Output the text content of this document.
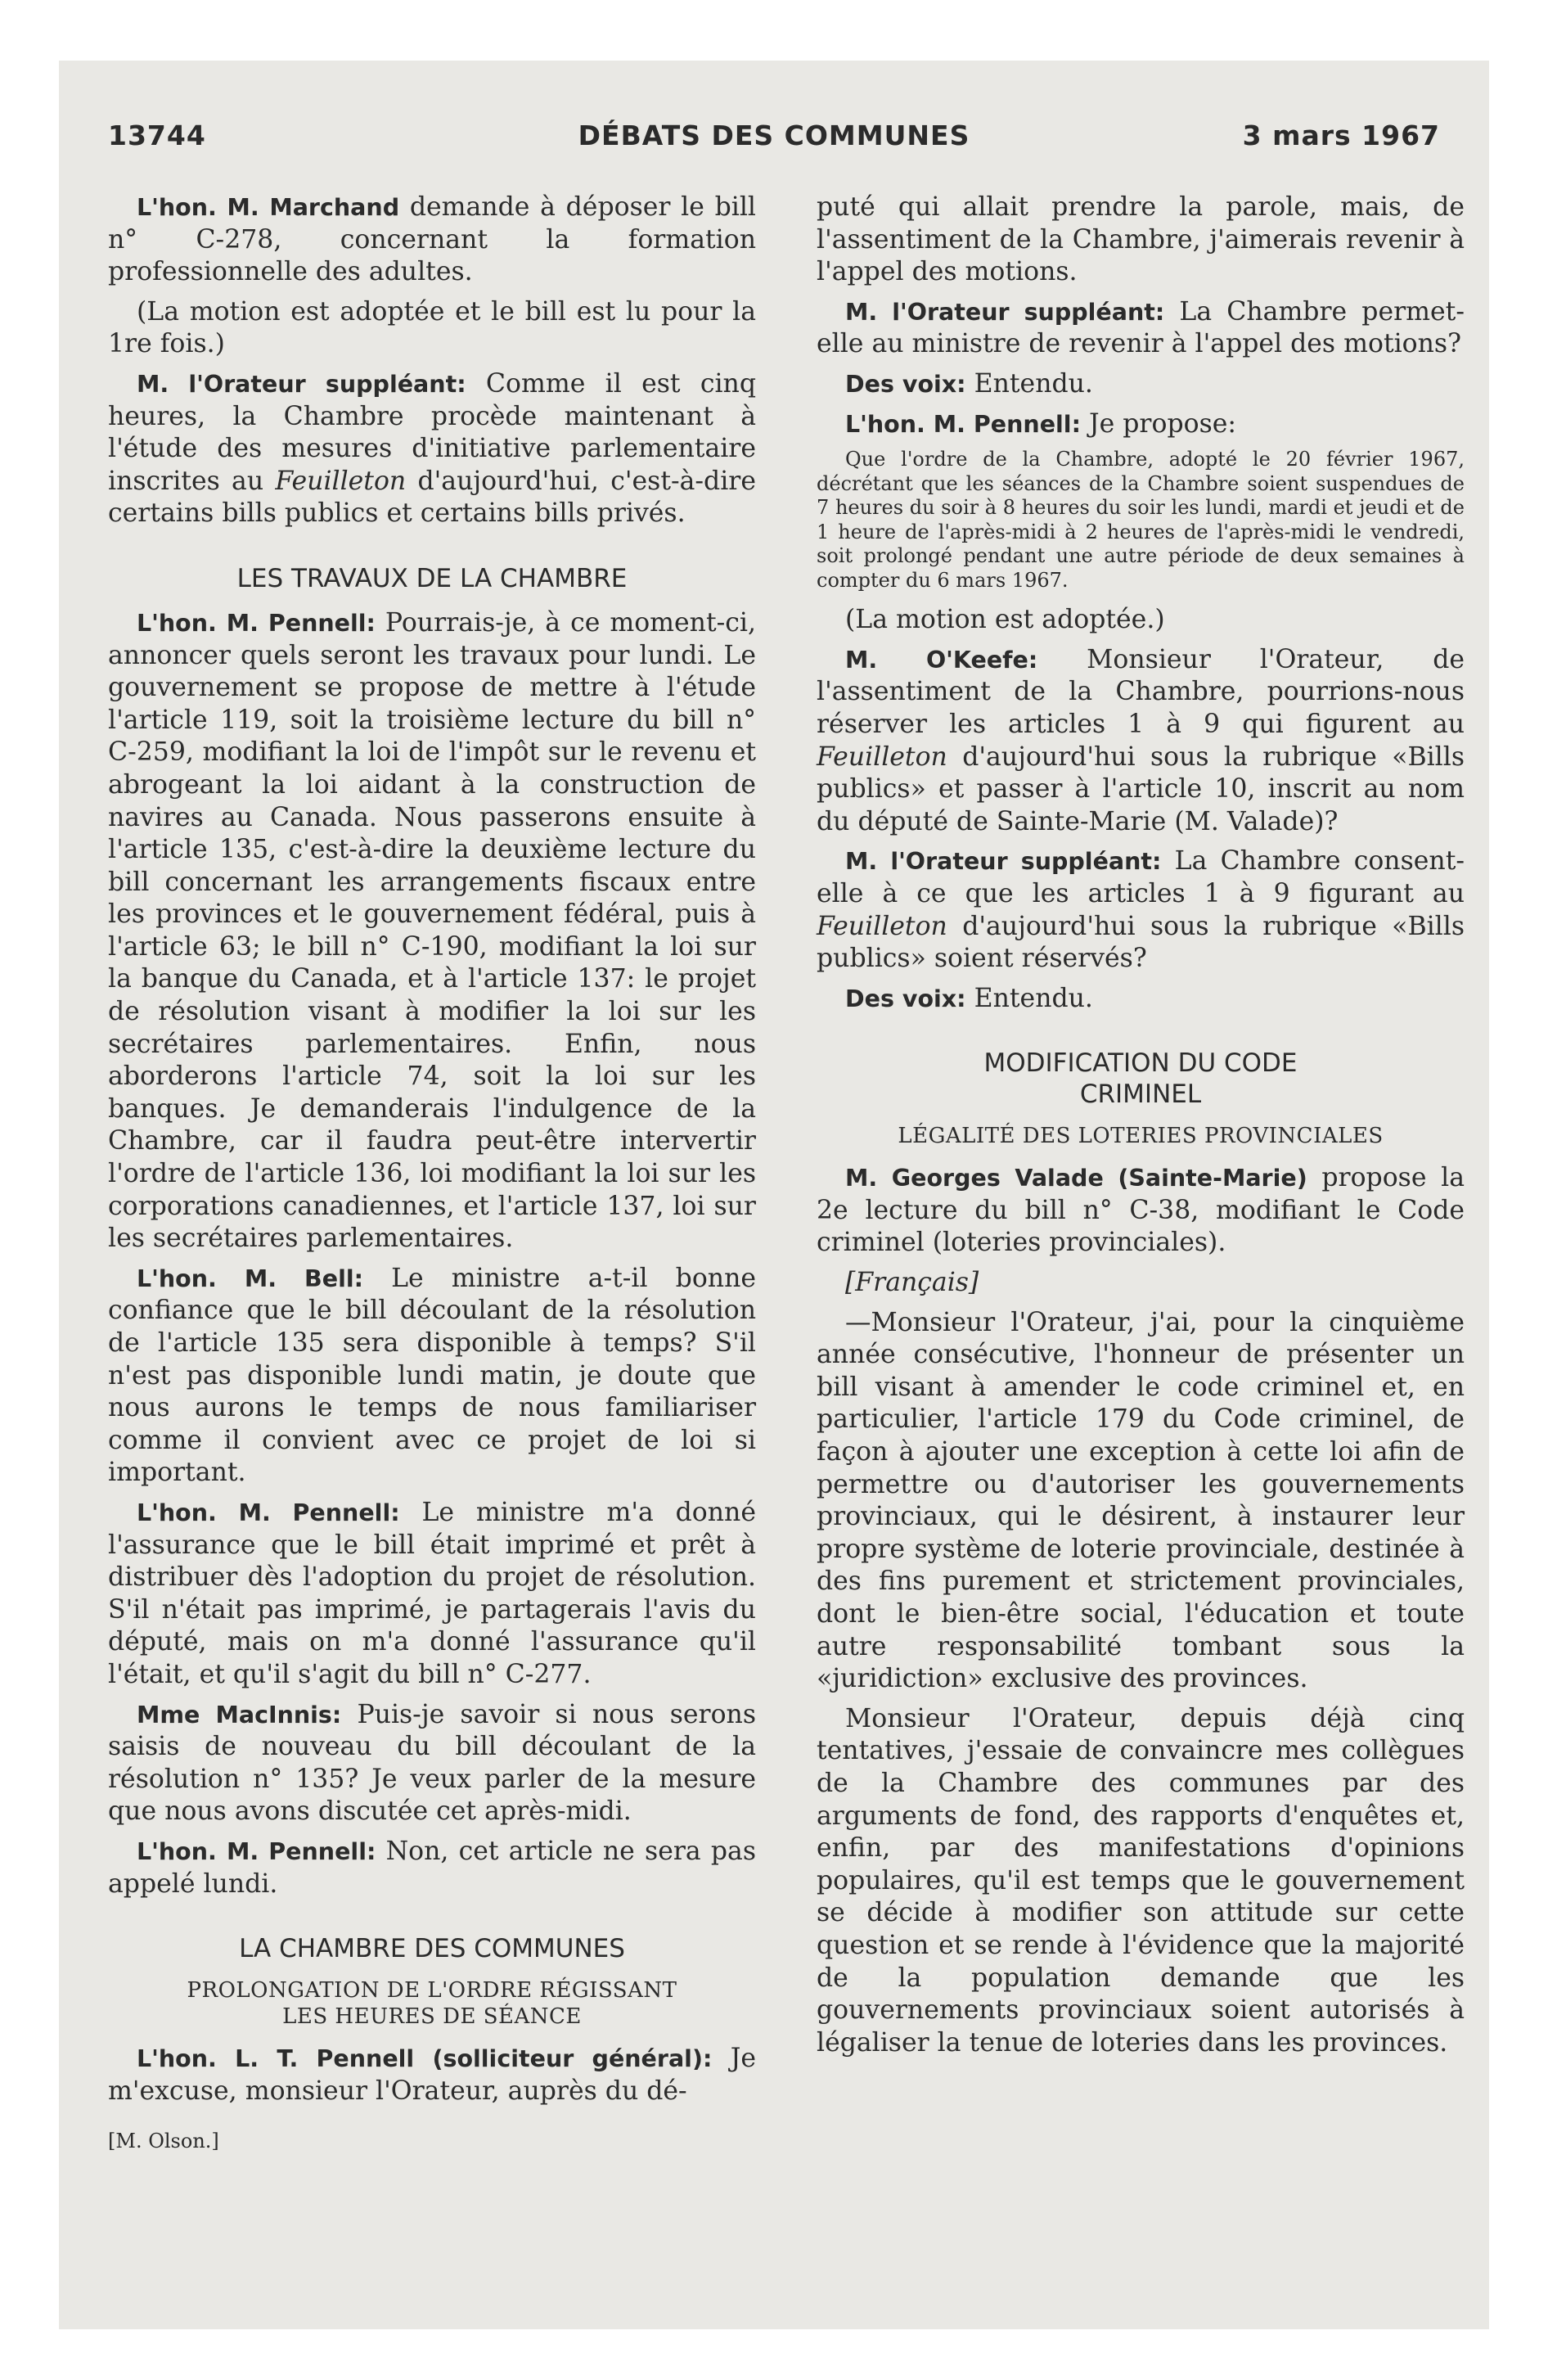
13744	DÉBATS DES COMMUNES	3 mars 1967

L'hon. M. Marchand demande à déposer le bill n° C-278, concernant la formation professionnelle des adultes.

(La motion est adoptée et le bill est lu pour la 1re fois.)

M. l'Orateur suppléant: Comme il est cinq heures, la Chambre procède maintenant à l'étude des mesures d'initiative parlementaire inscrites au Feuilleton d'aujourd'hui, c'est-à-dire certains bills publics et certains bills privés.

LES TRAVAUX DE LA CHAMBRE

L'hon. M. Pennell: Pourrais-je, à ce moment-ci, annoncer quels seront les travaux pour lundi. Le gouvernement se propose de mettre à l'étude l'article 119, soit la troisième lecture du bill n° C-259, modifiant la loi de l'impôt sur le revenu et abrogeant la loi aidant à la construction de navires au Canada. Nous passerons ensuite à l'article 135, c'est-à-dire la deuxième lecture du bill concernant les arrangements fiscaux entre les provinces et le gouvernement fédéral, puis à l'article 63; le bill n° C-190, modifiant la loi sur la banque du Canada, et à l'article 137: le projet de résolution visant à modifier la loi sur les secrétaires parlementaires. Enfin, nous aborderons l'article 74, soit la loi sur les banques. Je demanderais l'indulgence de la Chambre, car il faudra peut-être intervertir l'ordre de l'article 136, loi modifiant la loi sur les corporations canadiennes, et l'article 137, loi sur les secrétaires parlementaires.

L'hon. M. Bell: Le ministre a-t-il bonne confiance que le bill découlant de la résolution de l'article 135 sera disponible à temps? S'il n'est pas disponible lundi matin, je doute que nous aurons le temps de nous familiariser comme il convient avec ce projet de loi si important.

L'hon. M. Pennell: Le ministre m'a donné l'assurance que le bill était imprimé et prêt à distribuer dès l'adoption du projet de résolution. S'il n'était pas imprimé, je partagerais l'avis du député, mais on m'a donné l'assurance qu'il l'était, et qu'il s'agit du bill n° C-277.

Mme MacInnis: Puis-je savoir si nous serons saisis de nouveau du bill découlant de la résolution n° 135? Je veux parler de la mesure que nous avons discutée cet après-midi.

L'hon. M. Pennell: Non, cet article ne sera pas appelé lundi.

LA CHAMBRE DES COMMUNES
PROLONGATION DE L'ORDRE RÉGISSANT
LES HEURES DE SÉANCE

L'hon. L. T. Pennell (solliciteur général): Je m'excuse, monsieur l'Orateur, auprès du dé-

[M. Olson.]

puté qui allait prendre la parole, mais, de l'assentiment de la Chambre, j'aimerais revenir à l'appel des motions.

M. l'Orateur suppléant: La Chambre permet-elle au ministre de revenir à l'appel des motions?

Des voix: Entendu.

L'hon. M. Pennell: Je propose:

Que l'ordre de la Chambre, adopté le 20 février 1967, décrétant que les séances de la Chambre soient suspendues de 7 heures du soir à 8 heures du soir les lundi, mardi et jeudi et de 1 heure de l'après-midi à 2 heures de l'après-midi le vendredi, soit prolongé pendant une autre période de deux semaines à compter du 6 mars 1967.

(La motion est adoptée.)

M. O'Keefe: Monsieur l'Orateur, de l'assentiment de la Chambre, pourrions-nous réserver les articles 1 à 9 qui figurent au Feuilleton d'aujourd'hui sous la rubrique «Bills publics» et passer à l'article 10, inscrit au nom du député de Sainte-Marie (M. Valade)?

M. l'Orateur suppléant: La Chambre consent-elle à ce que les articles 1 à 9 figurant au Feuilleton d'aujourd'hui sous la rubrique «Bills publics» soient réservés?

Des voix: Entendu.

MODIFICATION DU CODE
CRIMINEL
LÉGALITÉ DES LOTERIES PROVINCIALES

M. Georges Valade (Sainte-Marie) propose la 2e lecture du bill n° C-38, modifiant le Code criminel (loteries provinciales).

[Français]

—Monsieur l'Orateur, j'ai, pour la cinquième année consécutive, l'honneur de présenter un bill visant à amender le code criminel et, en particulier, l'article 179 du Code criminel, de façon à ajouter une exception à cette loi afin de permettre ou d'autoriser les gouvernements provinciaux, qui le désirent, à instaurer leur propre système de loterie provinciale, destinée à des fins purement et strictement provinciales, dont le bien-être social, l'éducation et toute autre responsabilité tombant sous la «juridiction» exclusive des provinces.

Monsieur l'Orateur, depuis déjà cinq tentatives, j'essaie de convaincre mes collègues de la Chambre des communes par des arguments de fond, des rapports d'enquêtes et, enfin, par des manifestations d'opinions populaires, qu'il est temps que le gouvernement se décide à modifier son attitude sur cette question et se rende à l'évidence que la majorité de la population demande que les gouvernements provinciaux soient autorisés à légaliser la tenue de loteries dans les provinces.
